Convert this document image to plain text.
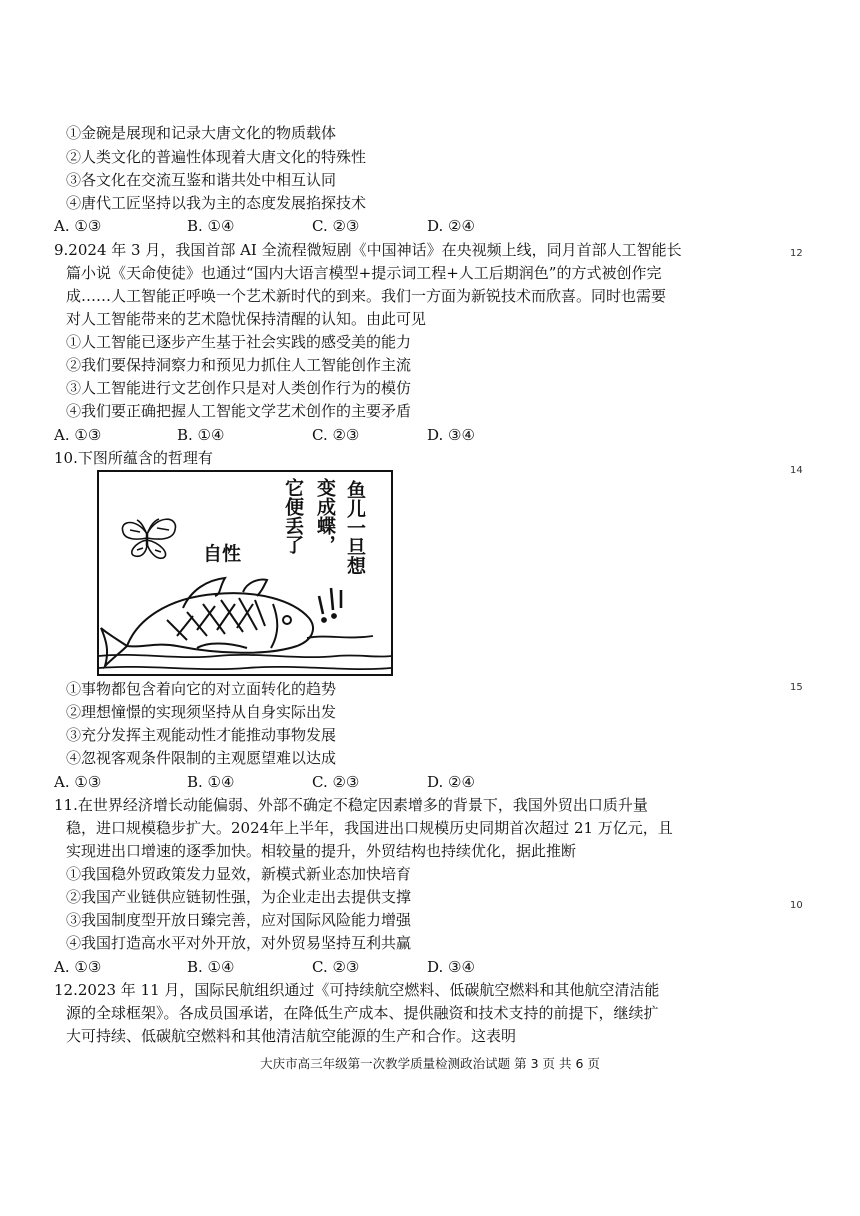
①金碗是展现和记录大唐文化的物质载体
②人类文化的普遍性体现着大唐文化的特殊性
③各文化在交流互鉴和谐共处中相互认同
④唐代工匠坚持以我为主的态度发展掐探技术
A. ①③	B. ①④	C. ②③	D. ②④
9.2024 年 3 月，我国首部 AI 全流程微短剧《中国神话》在央视频上线，同月首部人工智能长
篇小说《天命使徒》也通过“国内大语言模型+提示词工程+人工后期润色”的方式被创作完
成……人工智能正呼唤一个艺术新时代的到来。我们一方面为新锐技术而欣喜。同时也需要
对人工智能带来的艺术隐忧保持清醒的认知。由此可见
12
①人工智能已逐步产生基于社会实践的感受美的能力
②我们要保持洞察力和预见力抓住人工智能创作主流
③人工智能进行文艺创作只是对人类创作行为的模仿
④我们要正确把握人工智能文学艺术创作的主要矛盾
A. ①③	B. ①④	C. ②③	D. ③④
10.下图所蕴含的哲理有
14
鱼儿一旦想
变成蝶，
它便丢了
自性
①事物都包含着向它的对立面转化的趋势	15
②理想憧憬的实现须坚持从自身实际出发
③充分发挥主观能动性才能推动事物发展
④忽视客观条件限制的主观愿望难以达成
A. ①③	B. ①④	C. ②③	D. ②④
11.在世界经济增长动能偏弱、外部不确定不稳定因素增多的背景下，我国外贸出口质升量
稳，进口规模稳步扩大。2024年上半年，我国进出口规模历史同期首次超过 21 万亿元，且
实现进出口增速的逐季加快。相较量的提升，外贸结构也持续优化，据此推断
①我国稳外贸政策发力显效，新模式新业态加快培育
②我国产业链供应链韧性强，为企业走出去提供支撑	10
③我国制度型开放日臻完善，应对国际风险能力增强
④我国打造高水平对外开放，对外贸易坚持互利共赢
A. ①③	B. ①④	C. ②③	D. ③④
12.2023 年 11 月，国际民航组织通过《可持续航空燃料、低碳航空燃料和其他航空清洁能
源的全球框架》。各成员国承诺，在降低生产成本、提供融资和技术支持的前提下，继续扩
大可持续、低碳航空燃料和其他清洁航空能源的生产和合作。这表明
大庆市高三年级第一次教学质量检测政治试题 第 3 页 共 6 页
